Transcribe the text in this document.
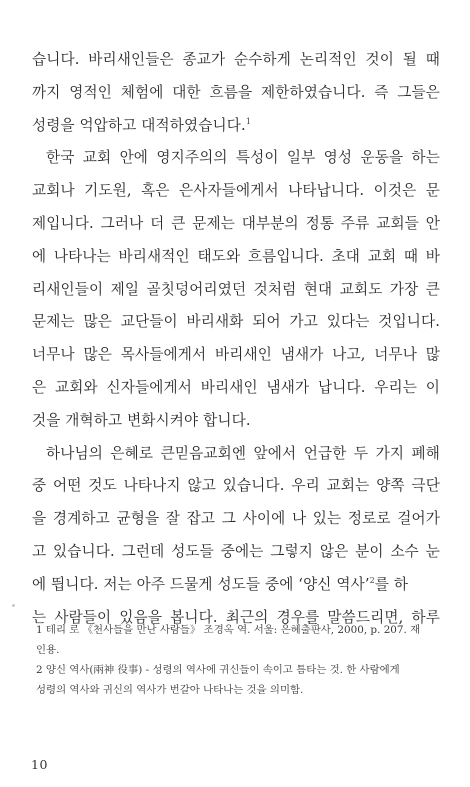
습니다. 바리새인들은 종교가 순수하게 논리적인 것이 될 때
까지 영적인 체험에 대한 흐름을 제한하였습니다. 즉 그들은
성령을 억압하고 대적하였습니다.$^1$
한국 교회 안에 영지주의의 특성이 일부 영성 운동을 하는
교회나 기도원, 혹은 은사자들에게서 나타납니다. 이것은 문
제입니다. 그러나 더 큰 문제는 대부분의 정통 주류 교회들 안
에 나타나는 바리새적인 태도와 흐름입니다. 초대 교회 때 바
리새인들이 제일 골칫덩어리였던 것처럼 현대 교회도 가장 큰
문제는 많은 교단들이 바리새화 되어 가고 있다는 것입니다.
너무나 많은 목사들에게서 바리새인 냄새가 나고, 너무나 많
은 교회와 신자들에게서 바리새인 냄새가 납니다. 우리는 이
것을 개혁하고 변화시켜야 합니다.
하나님의 은혜로 큰믿음교회엔 앞에서 언급한 두 가지 폐해
중 어떤 것도 나타나지 않고 있습니다. 우리 교회는 양쪽 극단
을 경계하고 균형을 잘 잡고 그 사이에 나 있는 정로로 걸어가
고 있습니다. 그런데 성도들 중에는 그렇지 않은 분이 소수 눈
에 띕니다. 저는 아주 드물게 성도들 중에 ‘양신 역사’$^2$를 하
는 사람들이 있음을 봅니다. 최근의 경우를 말씀드리면, 하루
1 테리 로 《천사들을 만난 사람들》 조경옥 역. 서울: 은혜출판사, 2000, p. 207. 재
인용.
2 양신 역사(兩神 役事) - 성령의 역사에 귀신들이 속이고 틈타는 것. 한 사람에게
성령의 역사와 귀신의 역사가 번갈아 나타나는 것을 의미함.
10
